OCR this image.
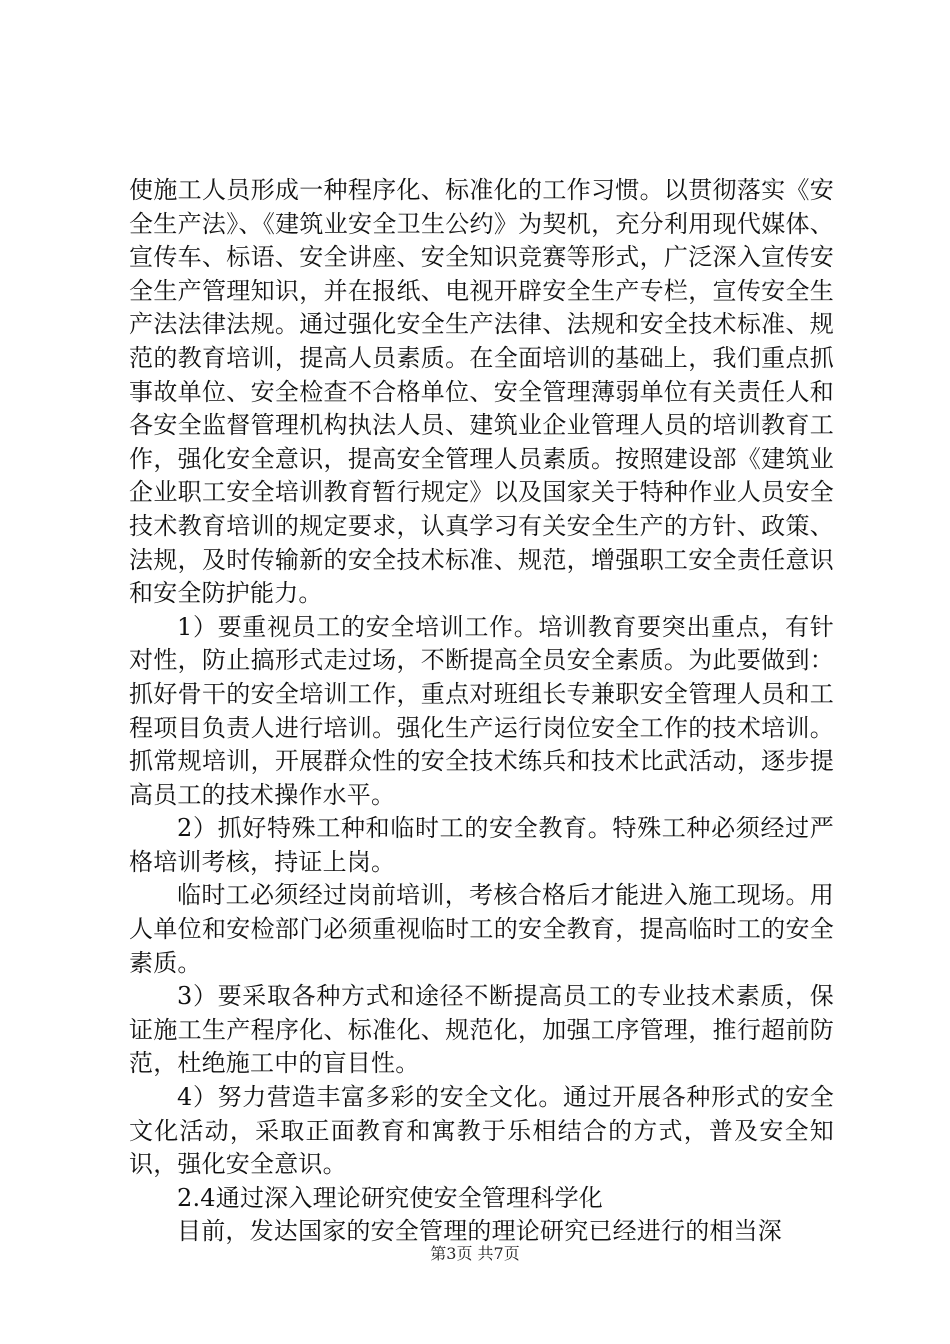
使施工人员形成一种程序化、标准化的工作习惯。以贯彻落实《安全生产法》、《建筑业安全卫生公约》为契机，充分利用现代媒体、宣传车、标语、安全讲座、安全知识竞赛等形式，广泛深入宣传安全生产管理知识，并在报纸、电视开辟安全生产专栏，宣传安全生产法法律法规。通过强化安全生产法律、法规和安全技术标准、规范的教育培训，提高人员素质。在全面培训的基础上，我们重点抓事故单位、安全检查不合格单位、安全管理薄弱单位有关责任人和各安全监督管理机构执法人员、建筑业企业管理人员的培训教育工作，强化安全意识，提高安全管理人员素质。按照建设部《建筑业企业职工安全培训教育暂行规定》以及国家关于特种作业人员安全技术教育培训的规定要求，认真学习有关安全生产的方针、政策、法规，及时传输新的安全技术标准、规范，增强职工安全责任意识和安全防护能力。

1）要重视员工的安全培训工作。培训教育要突出重点，有针对性，防止搞形式走过场，不断提高全员安全素质。为此要做到：抓好骨干的安全培训工作，重点对班组长专兼职安全管理人员和工程项目负责人进行培训。强化生产运行岗位安全工作的技术培训。抓常规培训，开展群众性的安全技术练兵和技术比武活动，逐步提高员工的技术操作水平。

2）抓好特殊工种和临时工的安全教育。特殊工种必须经过严格培训考核，持证上岗。

临时工必须经过岗前培训，考核合格后才能进入施工现场。用人单位和安检部门必须重视临时工的安全教育，提高临时工的安全素质。

3）要采取各种方式和途径不断提高员工的专业技术素质，保证施工生产程序化、标准化、规范化，加强工序管理，推行超前防范，杜绝施工中的盲目性。

4）努力营造丰富多彩的安全文化。通过开展各种形式的安全文化活动，采取正面教育和寓教于乐相结合的方式，普及安全知识，强化安全意识。

2.4通过深入理论研究使安全管理科学化

目前，发达国家的安全管理的理论研究已经进行的相当深

第3页 共7页
